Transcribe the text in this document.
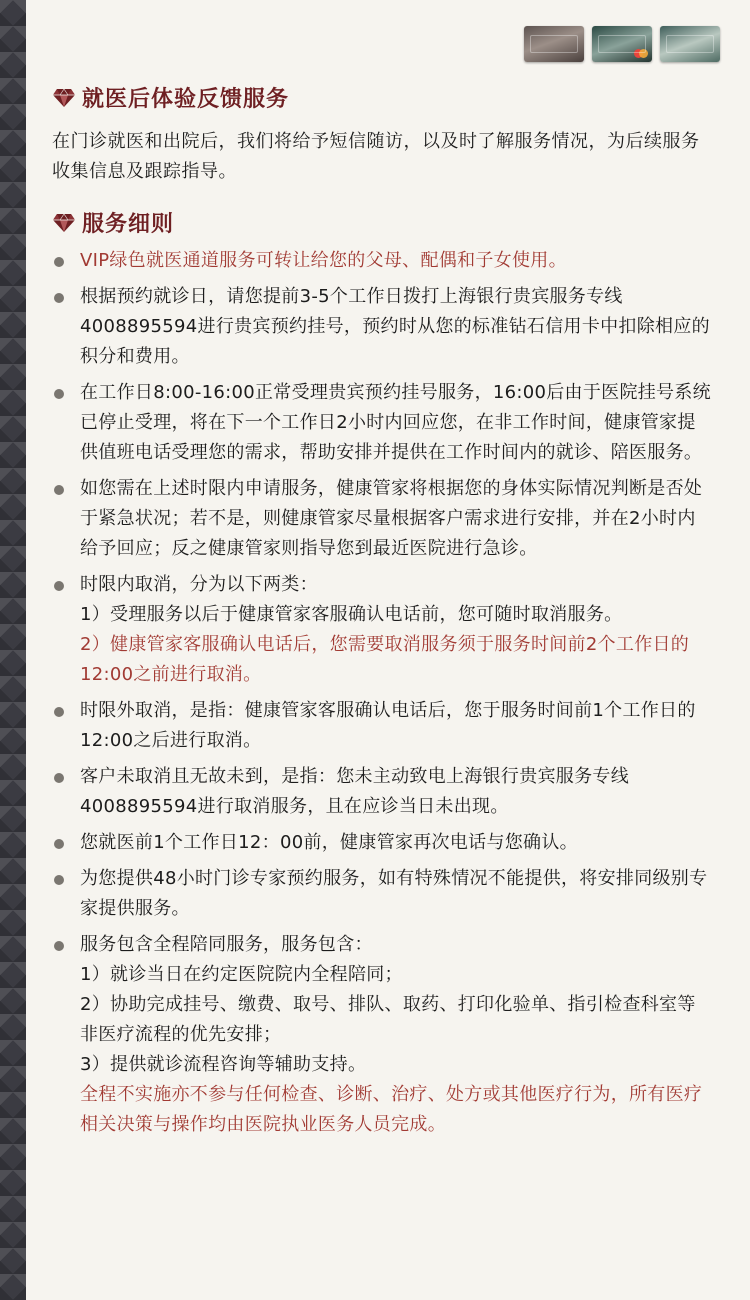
就医后体验反馈服务

在门诊就医和出院后，我们将给予短信随访，以及时了解服务情况，为后续服务收集信息及跟踪指导。

服务细则
VIP绿色就医通道服务可转让给您的父母、配偶和子女使用。
根据预约就诊日，请您提前3-5个工作日拨打上海银行贵宾服务专线4008895594进行贵宾预约挂号，预约时从您的标准钻石信用卡中扣除相应的积分和费用。
在工作日8:00-16:00正常受理贵宾预约挂号服务，16:00后由于医院挂号系统已停止受理，将在下一个工作日2小时内回应您，在非工作时间，健康管家提供值班电话受理您的需求，帮助安排并提供在工作时间内的就诊、陪医服务。
如您需在上述时限内申请服务，健康管家将根据您的身体实际情况判断是否处于紧急状况；若不是，则健康管家尽量根据客户需求进行安排，并在2小时内给予回应；反之健康管家则指导您到最近医院进行急诊。
时限内取消，分为以下两类：
1）受理服务以后于健康管家客服确认电话前，您可随时取消服务。
2）健康管家客服确认电话后，您需要取消服务须于服务时间前2个工作日的12:00之前进行取消。
时限外取消，是指：健康管家客服确认电话后，您于服务时间前1个工作日的12:00之后进行取消。
客户未取消且无故未到，是指：您未主动致电上海银行贵宾服务专线4008895594进行取消服务，且在应诊当日未出现。
您就医前1个工作日12：00前，健康管家再次电话与您确认。
为您提供48小时门诊专家预约服务，如有特殊情况不能提供，将安排同级别专家提供服务。
服务包含全程陪同服务，服务包含：
1）就诊当日在约定医院院内全程陪同；
2）协助完成挂号、缴费、取号、排队、取药、打印化验单、指引检查科室等非医疗流程的优先安排；
3）提供就诊流程咨询等辅助支持。
全程不实施亦不参与任何检查、诊断、治疗、处方或其他医疗行为，所有医疗相关决策与操作均由医院执业医务人员完成。
